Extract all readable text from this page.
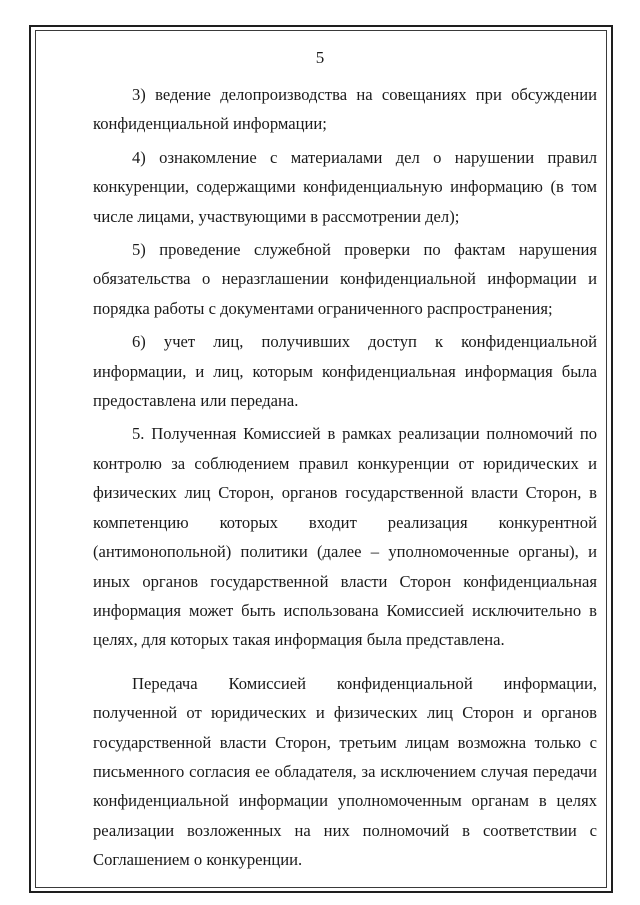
5

3) ведение делопроизводства на совещаниях при обсуждении конфиденциальной информации;

4) ознакомление с материалами дел о нарушении правил конкуренции, содержащими конфиденциальную информацию (в том числе лицами, участвующими в рассмотрении дел);

5) проведение служебной проверки по фактам нарушения обязательства о неразглашении конфиденциальной информации и порядка работы с документами ограниченного распространения;

6) учет лиц, получивших доступ к конфиденциальной информации, и лиц, которым конфиденциальная информация была предоставлена или передана.

5. Полученная Комиссией в рамках реализации полномочий по контролю за соблюдением правил конкуренции от юридических и физических лиц Сторон, органов государственной власти Сторон, в компетенцию которых входит реализация конкурентной (антимонопольной) политики (далее – уполномоченные органы), и иных органов государственной власти Сторон конфиденциальная информация может быть использована Комиссией исключительно в целях, для которых такая информация была представлена.

Передача Комиссией конфиденциальной информации, полученной от юридических и физических лиц Сторон и органов государственной власти Сторон, третьим лицам возможна только с письменного согласия ее обладателя, за исключением случая передачи конфиденциальной информации уполномоченным органам в целях реализации возложенных на них полномочий в соответствии с Соглашением о конкуренции.
